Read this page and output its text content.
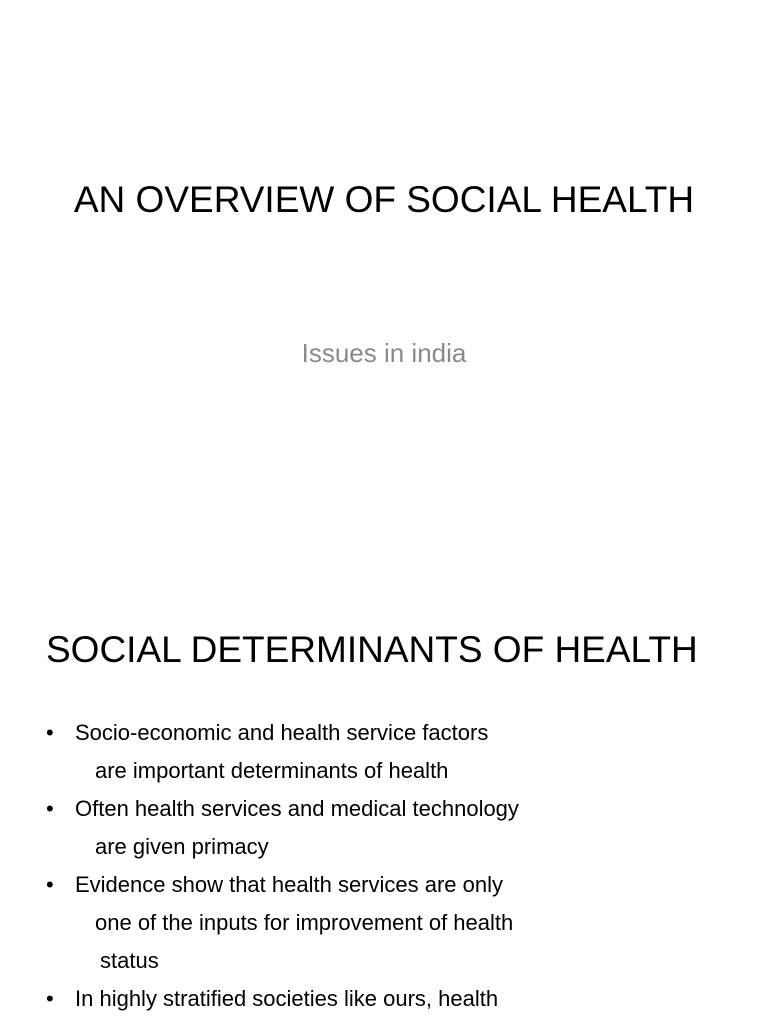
AN OVERVIEW OF SOCIAL HEALTH
Issues in india
SOCIAL DETERMINANTS OF HEALTH
• Socio-economic and health service factors
are important determinants of health
• Often health services and medical technology
are given primacy
• Evidence show that health services are only
one of the inputs for improvement of health
status
• In highly stratified societies like ours, health
